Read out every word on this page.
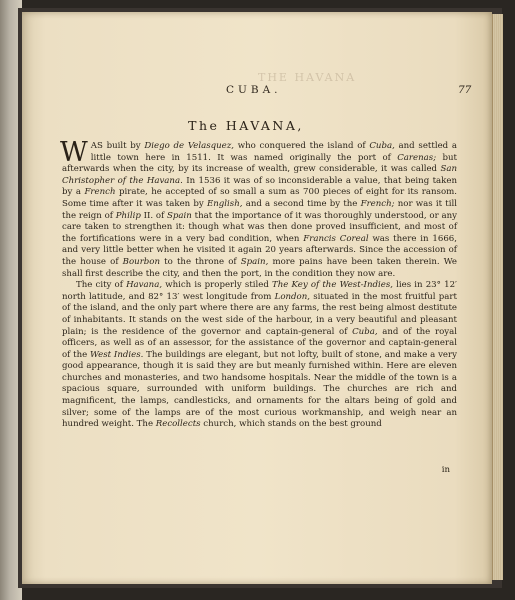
THE HAVANA
CUBA.	77
The HAVANA,

W AS built by Diego de Velasquez, who conquered the island of Cuba, and settled a little town here in 1511. It was named originally the port of Carenas; but afterwards when the city, by its increase of wealth, grew considerable, it was called San Christopher of the Havana. In 1536 it was of so inconsiderable a value, that being taken by a French pirate, he accepted of so small a sum as 700 pieces of eight for its ransom. Some time after it was taken by English, and a second time by the French; nor was it till the reign of Philip II. of Spain that the importance of it was thoroughly understood, or any care taken to strengthen it: though what was then done proved insufficient, and most of the fortifications were in a very bad condition, when Francis Coreal was there in 1666, and very little better when he visited it again 20 years afterwards. Since the accession of the house of Bourbon to the throne of Spain, more pains have been taken therein. We shall first describe the city, and then the port, in the condition they now are.

The city of Havana, which is properly stiled The Key of the West-Indies, lies in 23° 12′ north latitude, and 82° 13′ west longitude from London, situated in the most fruitful part of the island, and the only part where there are any farms, the rest being almost destitute of inhabitants. It stands on the west side of the harbour, in a very beautiful and pleasant plain; is the residence of the governor and captain-general of Cuba, and of the royal officers, as well as of an assessor, for the assistance of the governor and captain-general of the West Indies. The buildings are elegant, but not lofty, built of stone, and make a very good appearance, though it is said they are but meanly furnished within. Here are eleven churches and monasteries, and two handsome hospitals. Near the middle of the town is a spacious square, surrounded with uniform buildings. The churches are rich and magnificent, the lamps, candlesticks, and ornaments for the altars being of gold and silver; some of the lamps are of the most curious workmanship, and weigh near an hundred weight. The Recollects church, which stands on the best ground

in
